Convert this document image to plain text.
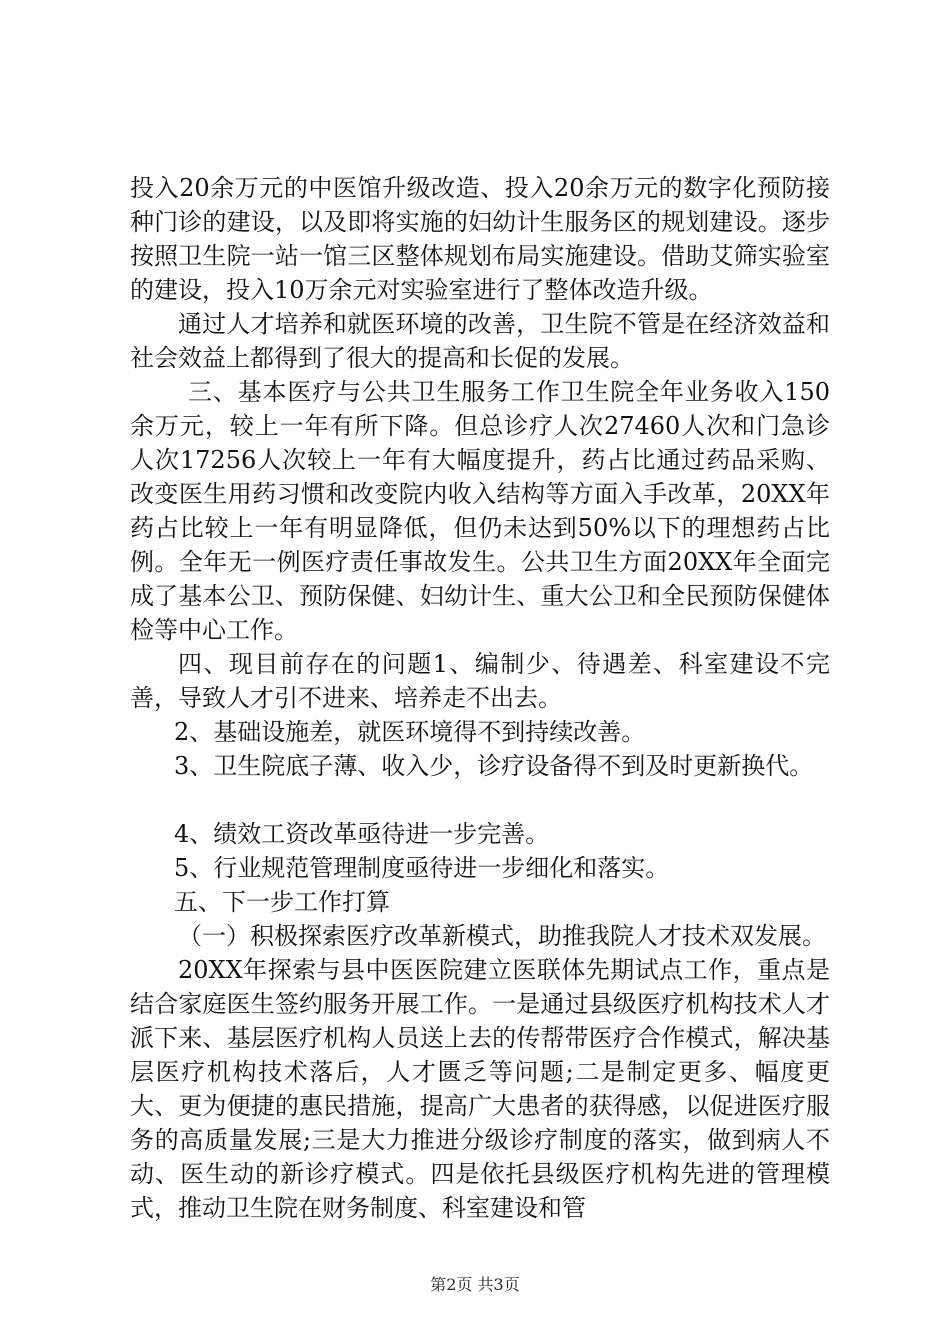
投入20余万元的中医馆升级改造、投入20余万元的数字化预防接种门诊的建设，以及即将实施的妇幼计生服务区的规划建设。逐步按照卫生院一站一馆三区整体规划布局实施建设。借助艾筛实验室的建设，投入10万余元对实验室进行了整体改造升级。

通过人才培养和就医环境的改善，卫生院不管是在经济效益和社会效益上都得到了很大的提高和长促的发展。

三、基本医疗与公共卫生服务工作卫生院全年业务收入150余万元，较上一年有所下降。但总诊疗人次27460人次和门急诊人次17256人次较上一年有大幅度提升，药占比通过药品采购、改变医生用药习惯和改变院内收入结构等方面入手改革，20XX年药占比较上一年有明显降低，但仍未达到50%以下的理想药占比例。全年无一例医疗责任事故发生。公共卫生方面20XX年全面完成了基本公卫、预防保健、妇幼计生、重大公卫和全民预防保健体检等中心工作。

四、现目前存在的问题1、编制少、待遇差、科室建设不完善，导致人才引不进来、培养走不出去。

2、基础设施差，就医环境得不到持续改善。

3、卫生院底子薄、收入少，诊疗设备得不到及时更新换代。

4、绩效工资改革亟待进一步完善。

5、行业规范管理制度亟待进一步细化和落实。

五、下一步工作打算

（一）积极探索医疗改革新模式，助推我院人才技术双发展。

20XX年探索与县中医医院建立医联体先期试点工作，重点是结合家庭医生签约服务开展工作。一是通过县级医疗机构技术人才派下来、基层医疗机构人员送上去的传帮带医疗合作模式，解决基层医疗机构技术落后，人才匮乏等问题;二是制定更多、幅度更大、更为便捷的惠民措施，提高广大患者的获得感，以促进医疗服务的高质量发展;三是大力推进分级诊疗制度的落实，做到病人不动、医生动的新诊疗模式。四是依托县级医疗机构先进的管理模式，推动卫生院在财务制度、科室建设和管

第2页 共3页
